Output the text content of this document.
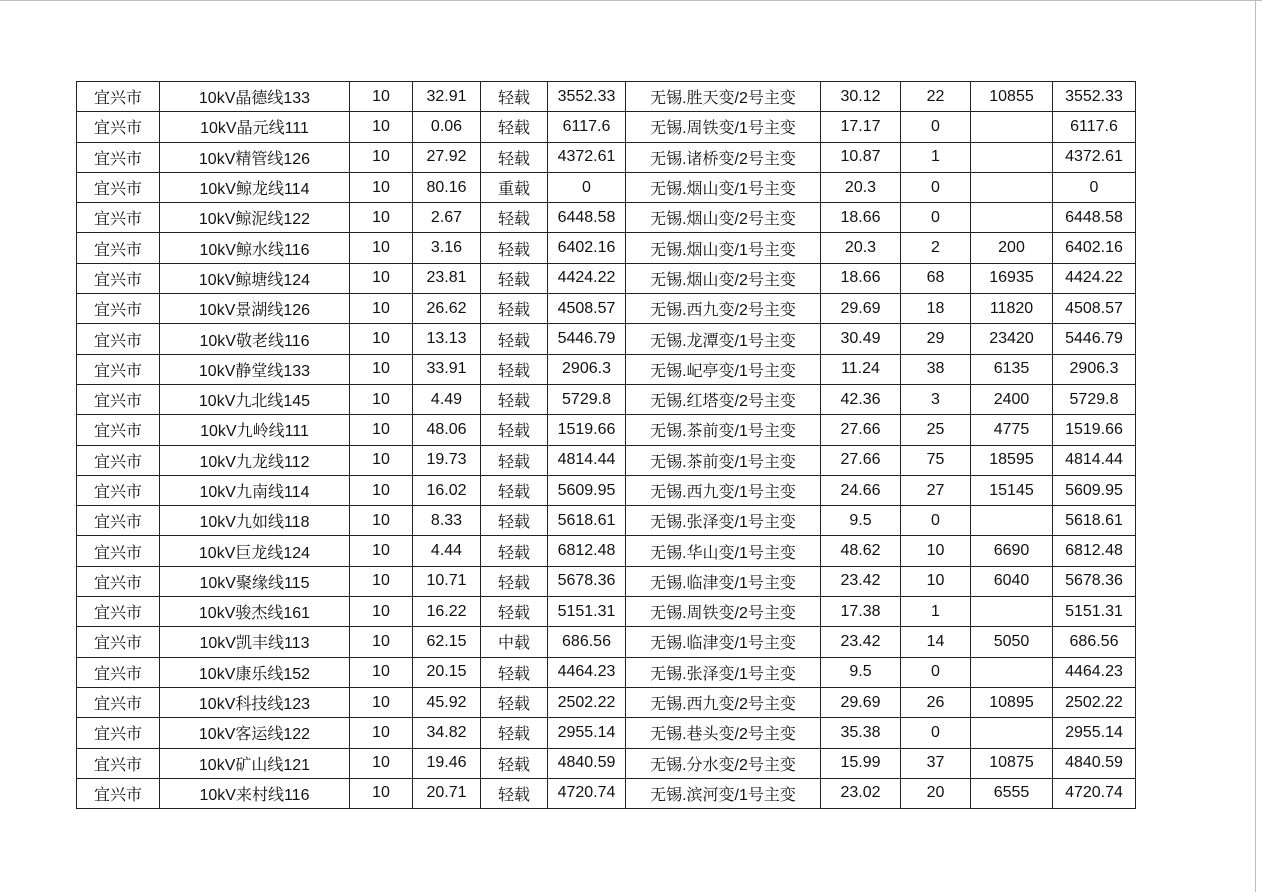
宜兴市	10kV晶德线133	10	32.91	轻载	3552.33	无锡.胜天变/2号主变	30.12	22	10855	3552.33
宜兴市	10kV晶元线111	10	0.06	轻载	6117.6	无锡.周铁变/1号主变	17.17	0		6117.6
宜兴市	10kV精管线126	10	27.92	轻载	4372.61	无锡.诸桥变/2号主变	10.87	1		4372.61
宜兴市	10kV鲸龙线114	10	80.16	重载	0	无锡.烟山变/1号主变	20.3	0		0
宜兴市	10kV鲸泥线122	10	2.67	轻载	6448.58	无锡.烟山变/2号主变	18.66	0		6448.58
宜兴市	10kV鲸水线116	10	3.16	轻载	6402.16	无锡.烟山变/1号主变	20.3	2	200	6402.16
宜兴市	10kV鲸塘线124	10	23.81	轻载	4424.22	无锡.烟山变/2号主变	18.66	68	16935	4424.22
宜兴市	10kV景湖线126	10	26.62	轻载	4508.57	无锡.西九变/2号主变	29.69	18	11820	4508.57
宜兴市	10kV敬老线116	10	13.13	轻载	5446.79	无锡.龙潭变/1号主变	30.49	29	23420	5446.79
宜兴市	10kV静堂线133	10	33.91	轻载	2906.3	无锡.屺亭变/1号主变	11.24	38	6135	2906.3
宜兴市	10kV九北线145	10	4.49	轻载	5729.8	无锡.红塔变/2号主变	42.36	3	2400	5729.8
宜兴市	10kV九岭线111	10	48.06	轻载	1519.66	无锡.茶前变/1号主变	27.66	25	4775	1519.66
宜兴市	10kV九龙线112	10	19.73	轻载	4814.44	无锡.茶前变/1号主变	27.66	75	18595	4814.44
宜兴市	10kV九南线114	10	16.02	轻载	5609.95	无锡.西九变/1号主变	24.66	27	15145	5609.95
宜兴市	10kV九如线118	10	8.33	轻载	5618.61	无锡.张泽变/1号主变	9.5	0		5618.61
宜兴市	10kV巨龙线124	10	4.44	轻载	6812.48	无锡.华山变/1号主变	48.62	10	6690	6812.48
宜兴市	10kV聚缘线115	10	10.71	轻载	5678.36	无锡.临津变/1号主变	23.42	10	6040	5678.36
宜兴市	10kV骏杰线161	10	16.22	轻载	5151.31	无锡.周铁变/2号主变	17.38	1		5151.31
宜兴市	10kV凯丰线113	10	62.15	中载	686.56	无锡.临津变/1号主变	23.42	14	5050	686.56
宜兴市	10kV康乐线152	10	20.15	轻载	4464.23	无锡.张泽变/1号主变	9.5	0		4464.23
宜兴市	10kV科技线123	10	45.92	轻载	2502.22	无锡.西九变/2号主变	29.69	26	10895	2502.22
宜兴市	10kV客运线122	10	34.82	轻载	2955.14	无锡.巷头变/2号主变	35.38	0		2955.14
宜兴市	10kV矿山线121	10	19.46	轻载	4840.59	无锡.分水变/2号主变	15.99	37	10875	4840.59
宜兴市	10kV来村线116	10	20.71	轻载	4720.74	无锡.滨河变/1号主变	23.02	20	6555	4720.74
